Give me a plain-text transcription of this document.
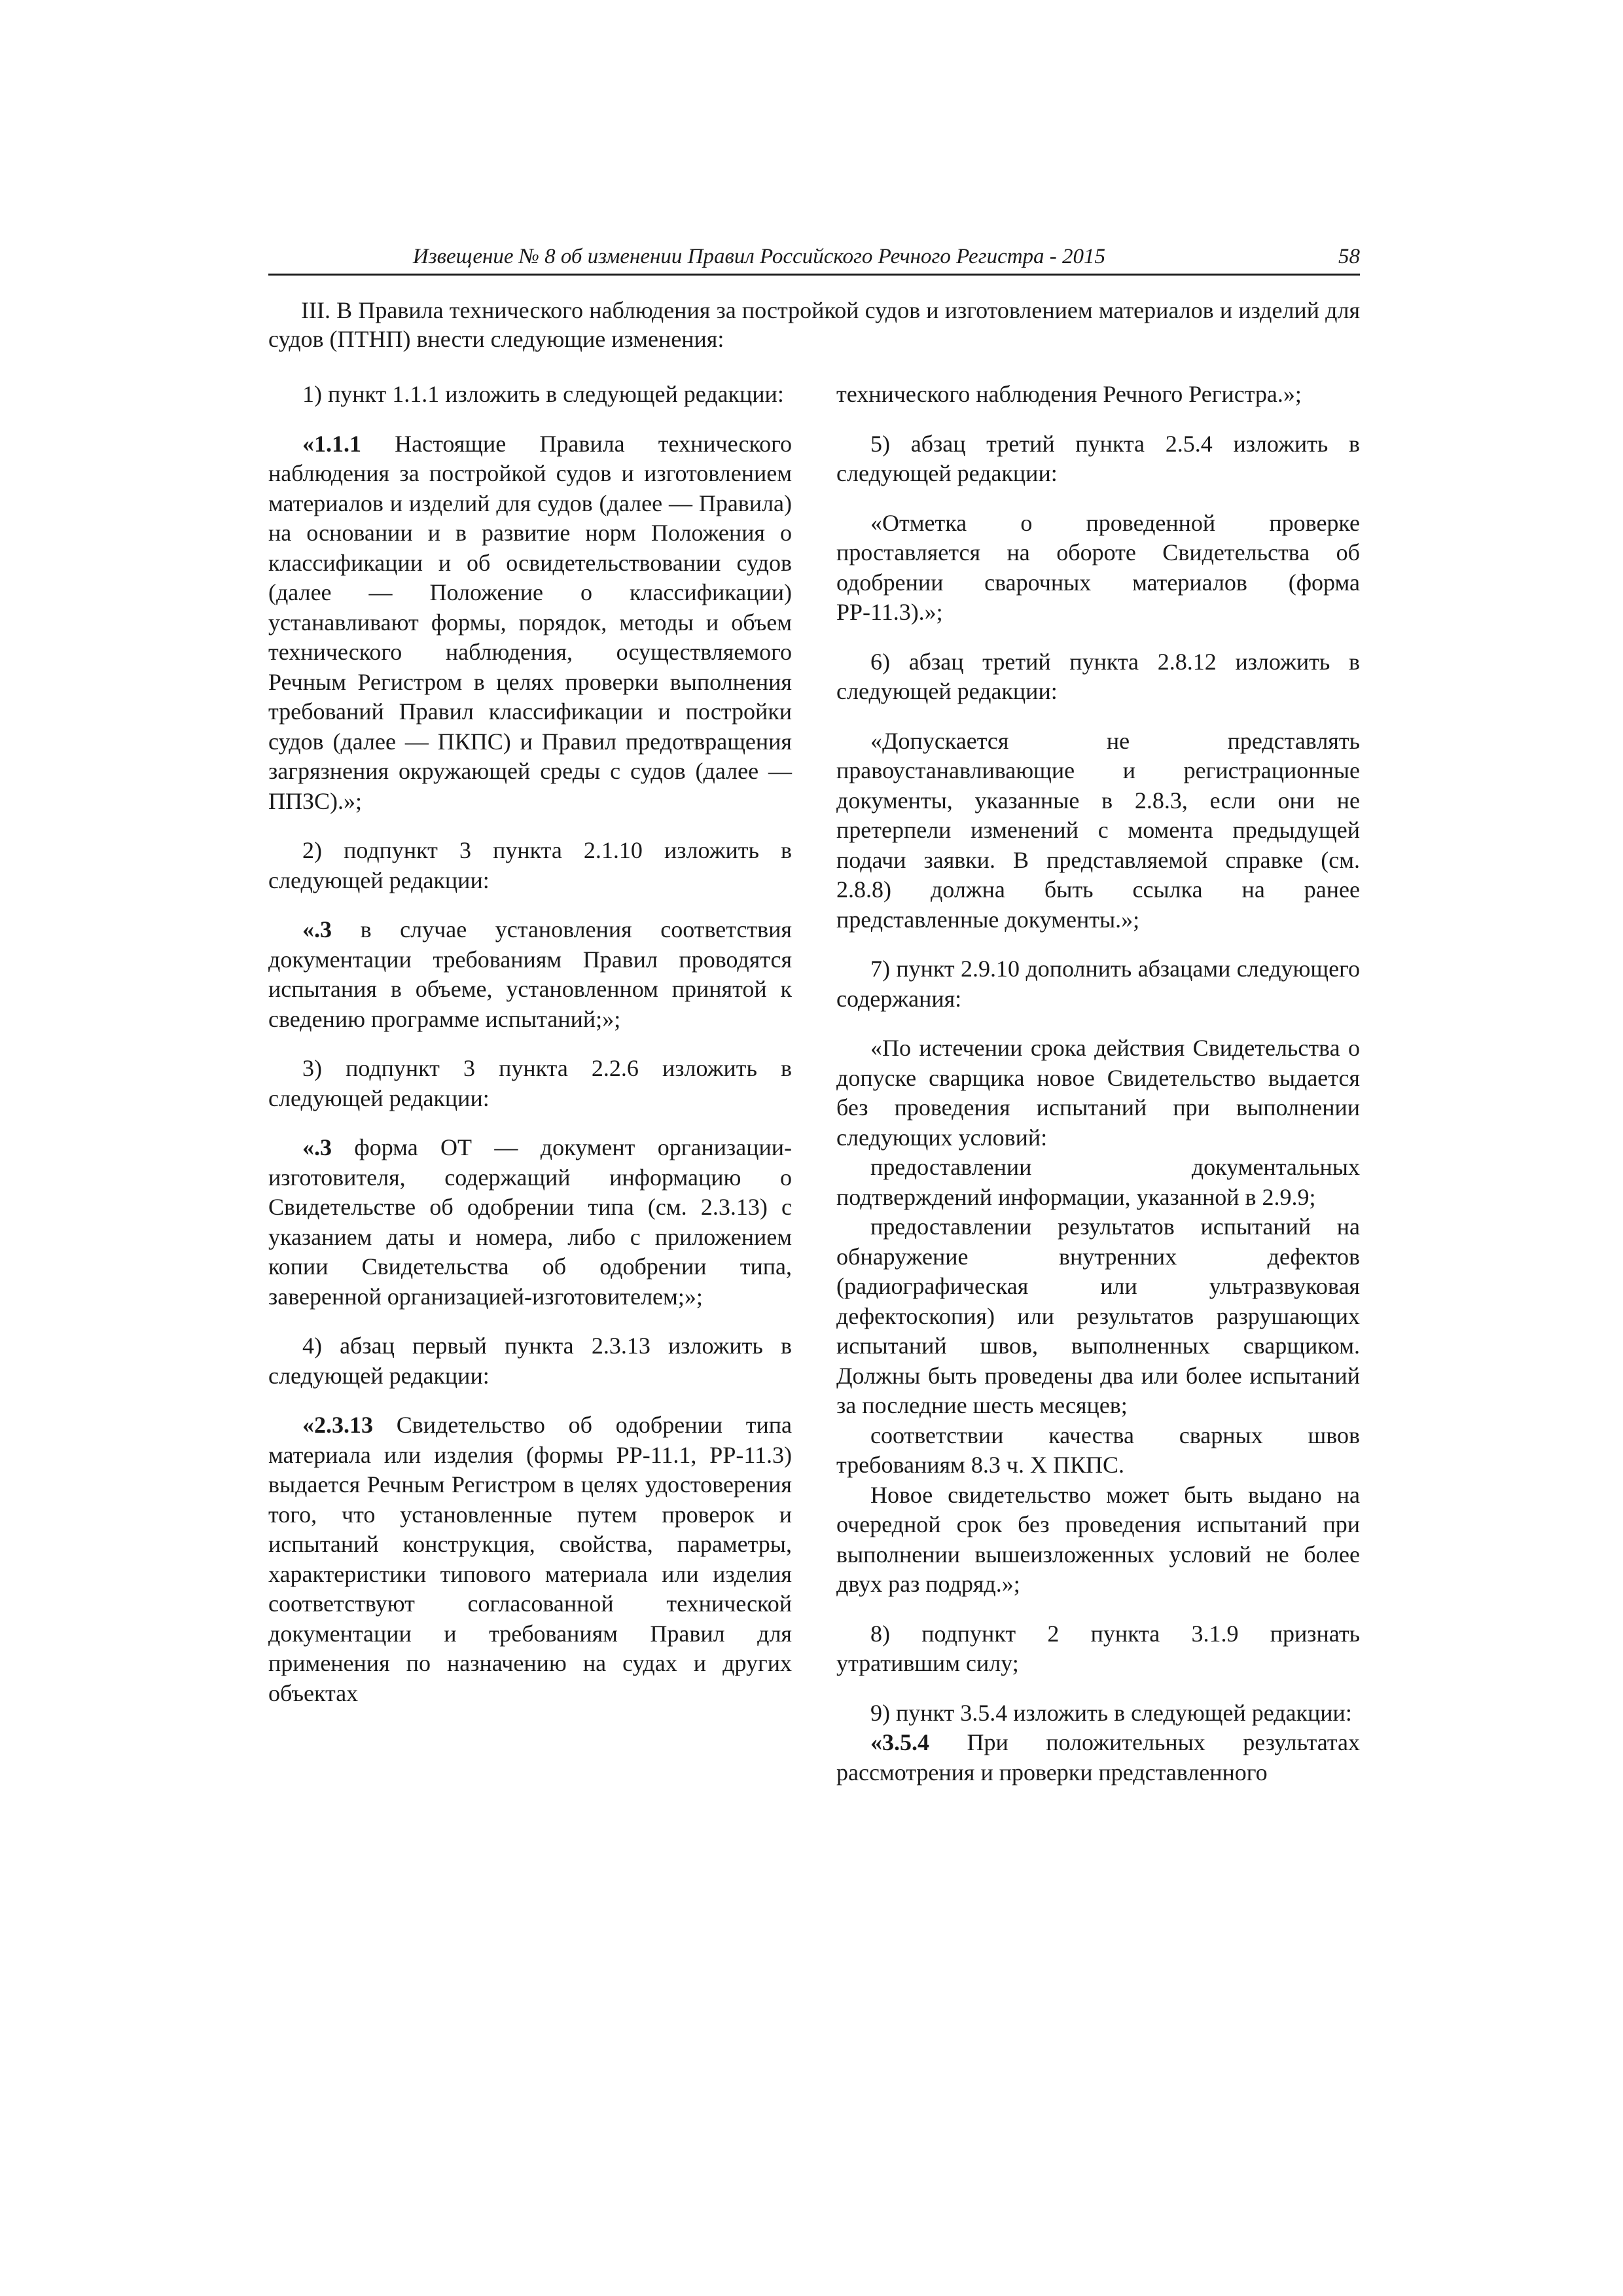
Извещение № 8 об изменении Правил Российского Речного Регистра - 2015	58
III. В Правила технического наблюдения за постройкой судов и изготовлением материалов и изделий для судов (ПТНП) внести следующие изменения:

1) пункт 1.1.1 изложить в следующей редакции:

«1.1.1 Настоящие Правила технического наблюдения за постройкой судов и изготовлением материалов и изделий для судов (далее — Правила) на основании и в развитие норм Положения о классификации и об освидетельствовании судов (далее — Положение о классификации) устанавливают формы, порядок, методы и объем технического наблюдения, осуществляемого Речным Регистром в целях проверки выполнения требований Правил классификации и постройки судов (далее — ПКПС) и Правил предотвращения загрязнения окружающей среды с судов (далее — ППЗС).»;

2) подпункт 3 пункта 2.1.10 изложить в следующей редакции:

«.3 в случае установления соответствия документации требованиям Правил проводятся испытания в объеме, установленном принятой к сведению программе испытаний;»;

3) подпункт 3 пункта 2.2.6 изложить в следующей редакции:

«.3 форма ОТ — документ организации-изготовителя, содержащий информацию о Свидетельстве об одобрении типа (см. 2.3.13) с указанием даты и номера, либо с приложением копии Свидетельства об одобрении типа, заверенной организацией-изготовителем;»;

4) абзац первый пункта 2.3.13 изложить в следующей редакции:

«2.3.13 Свидетельство об одобрении типа материала или изделия (формы РР-11.1, РР-11.3) выдается Речным Регистром в целях удостоверения того, что установленные путем проверок и испытаний конструкция, свойства, параметры, характеристики типового материала или изделия соответствуют согласованной технической документации и требованиям Правил для применения по назначению на судах и других объектах

технического наблюдения Речного Регистра.»;

5) абзац третий пункта 2.5.4 изложить в следующей редакции:

«Отметка о проведенной проверке проставляется на обороте Свидетельства об одобрении сварочных материалов (форма РР-11.3).»;

6) абзац третий пункта 2.8.12 изложить в следующей редакции:

«Допускается не представлять правоустанавливающие и регистрационные документы, указанные в 2.8.3, если они не претерпели изменений с момента предыдущей подачи заявки. В представляемой справке (см. 2.8.8) должна быть ссылка на ранее представленные документы.»;

7) пункт 2.9.10 дополнить абзацами следующего содержания:

«По истечении срока действия Свидетельства о допуске сварщика новое Свидетельство выдается без проведения испытаний при выполнении следующих условий:

предоставлении документальных подтверждений информации, указанной в 2.9.9;

предоставлении результатов испытаний на обнаружение внутренних дефектов (радиографическая или ультразвуковая дефектоскопия) или результатов разрушающих испытаний швов, выполненных сварщиком. Должны быть проведены два или более испытаний за последние шесть месяцев;

соответствии качества сварных швов требованиям 8.3 ч. Х ПКПС.

Новое свидетельство может быть выдано на очередной срок без проведения испытаний при выполнении вышеизложенных условий не более двух раз подряд.»;

8) подпункт 2 пункта 3.1.9 признать утратившим силу;

9) пункт 3.5.4 изложить в следующей редакции:

«3.5.4 При положительных результатах рассмотрения и проверки представленного
